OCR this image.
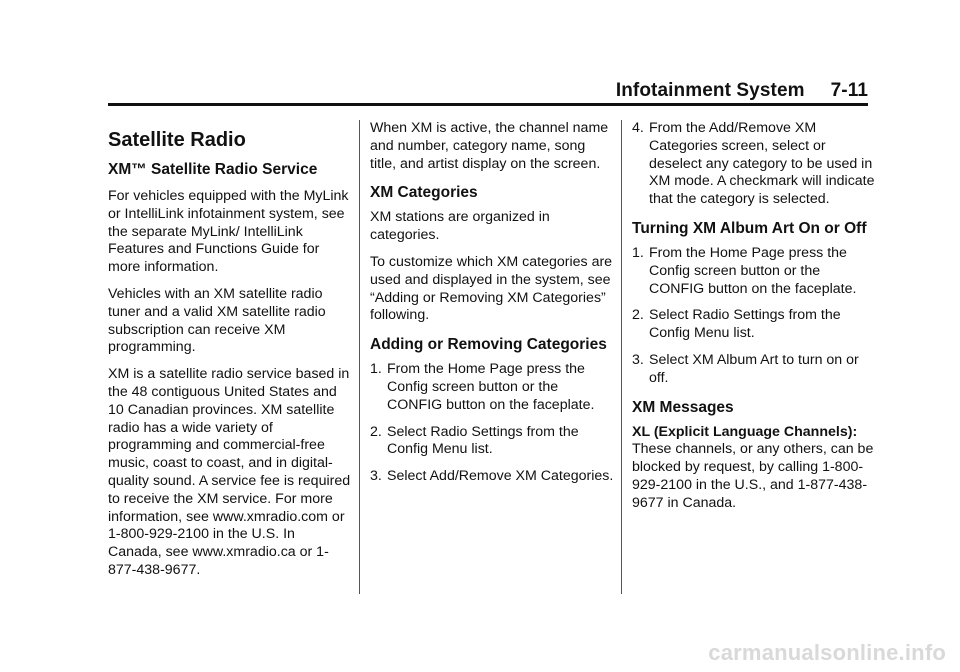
Infotainment System 7-11
Satellite Radio
XM™ Satellite Radio Service

For vehicles equipped with the MyLink or IntelliLink infotainment system, see the separate MyLink/ IntelliLink Features and Functions Guide for more information.

Vehicles with an XM satellite radio tuner and a valid XM satellite radio subscription can receive XM programming.

XM is a satellite radio service based in the 48 contiguous United States and 10 Canadian provinces. XM satellite radio has a wide variety of programming and commercial-free music, coast to coast, and in digital-quality sound. A service fee is required to receive the XM service. For more information, see www.xmradio.com or 1-800-929-2100 in the U.S. In Canada, see www.xmradio.ca or 1-877-438-9677.

When XM is active, the channel name and number, category name, song title, and artist display on the screen.

XM Categories

XM stations are organized in categories.

To customize which XM categories are used and displayed in the system, see “Adding or Removing XM Categories” following.

Adding or Removing Categories
1. From the Home Page press the Config screen button or the CONFIG button on the faceplate.
2. Select Radio Settings from the Config Menu list.
3. Select Add/Remove XM Categories.
4. From the Add/Remove XM Categories screen, select or deselect any category to be used in XM mode. A checkmark will indicate that the category is selected.
Turning XM Album Art On or Off
1. From the Home Page press the Config screen button or the CONFIG button on the faceplate.
2. Select Radio Settings from the Config Menu list.
3. Select XM Album Art to turn on or off.
XM Messages

XL (Explicit Language Channels):  These channels, or any others, can be blocked by request, by calling 1-800-929-2100 in the U.S., and 1-877-438-9677 in Canada.

carmanualsonline.info
